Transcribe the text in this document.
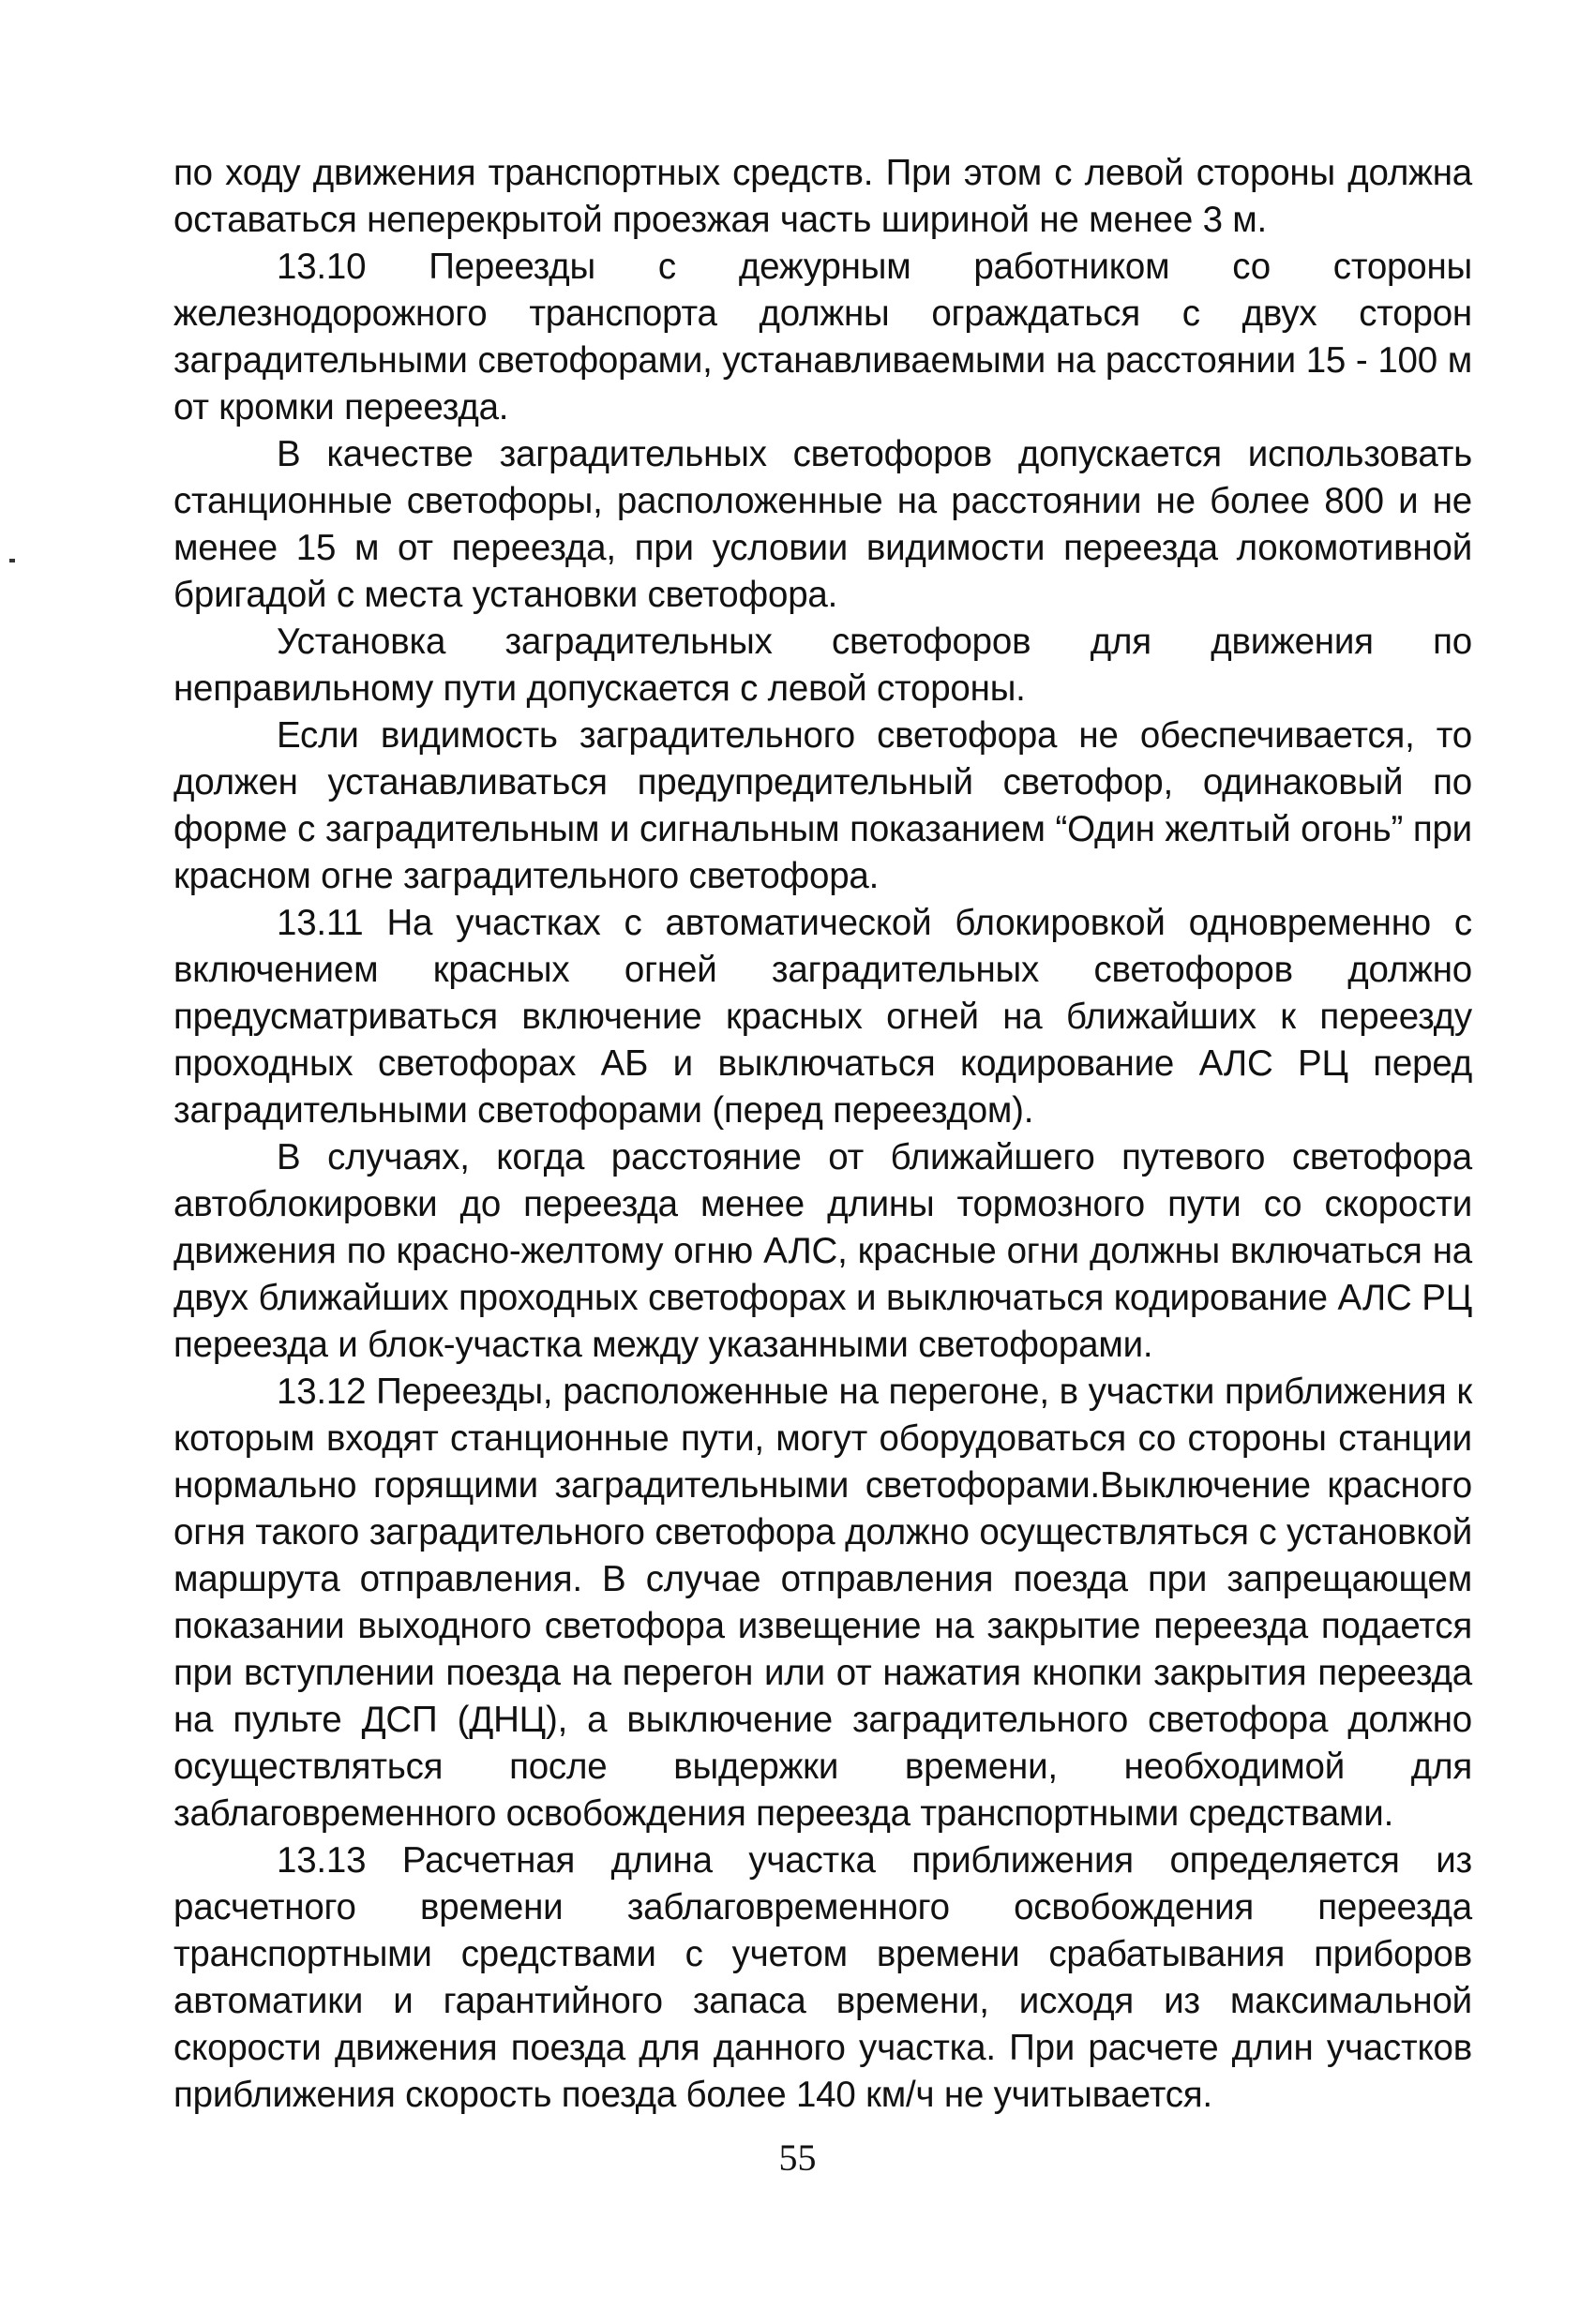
по ходу движения транспортных средств. При этом с левой стороны должна оставаться неперекрытой проезжая часть шириной не менее 3 м.

13.10 Переезды с дежурным работником со стороны железнодорожного транспорта должны ограждаться с двух сторон заградительными светофорами, устанавливаемыми на расстоянии 15 - 100 м от кромки переезда.

В качестве заградительных светофоров допускается использовать станционные светофоры, расположенные на расстоянии не более 800 и не менее 15 м от переезда, при условии видимости переезда локомотивной бригадой с места установки светофора.

Установка заградительных светофоров для движения по неправильному пути допускается с левой стороны.

Если видимость заградительного светофора не обеспечивается, то должен устанавливаться предупредительный светофор, одинаковый по форме с заградительным и сигнальным показанием “Один желтый огонь” при красном огне заградительного светофора.

13.11 На участках с автоматической блокировкой одновременно с включением красных огней заградительных светофоров должно предусматриваться включение красных огней на ближайших к переезду проходных светофорах АБ и выключаться кодирование АЛС РЦ перед заградительными светофорами (перед переездом).

В случаях, когда расстояние от ближайшего путевого светофора автоблокировки до переезда менее длины тормозного пути со скорости движения по красно-желтому огню АЛС, красные огни должны включаться на двух ближайших проходных светофорах и выключаться кодирование АЛС РЦ переезда и блок-участка между указанными светофорами.

13.12 Переезды, расположенные на перегоне, в участки приближения к которым входят станционные пути, могут оборудоваться со стороны станции нормально горящими заградительными светофорами.Выключение красного огня такого заградительного светофора должно осуществляться с установкой маршрута отправления. В случае отправления поезда при запрещающем показании выходного светофора извещение на закрытие переезда подается при вступлении поезда на перегон или от нажатия кнопки закрытия переезда на пульте ДСП (ДНЦ), а выключение заградительного светофора должно осуществляться после выдержки времени, необходимой для заблаговременного освобождения переезда транспортными средствами.

13.13 Расчетная длина участка приближения определяется из расчетного времени заблаговременного освобождения переезда транспортными средствами с учетом времени срабатывания приборов автоматики и гарантийного запаса времени, исходя из максимальной скорости движения поезда для данного участка. При расчете длин участков приближения скорость поезда более 140 км/ч не учитывается.

55
